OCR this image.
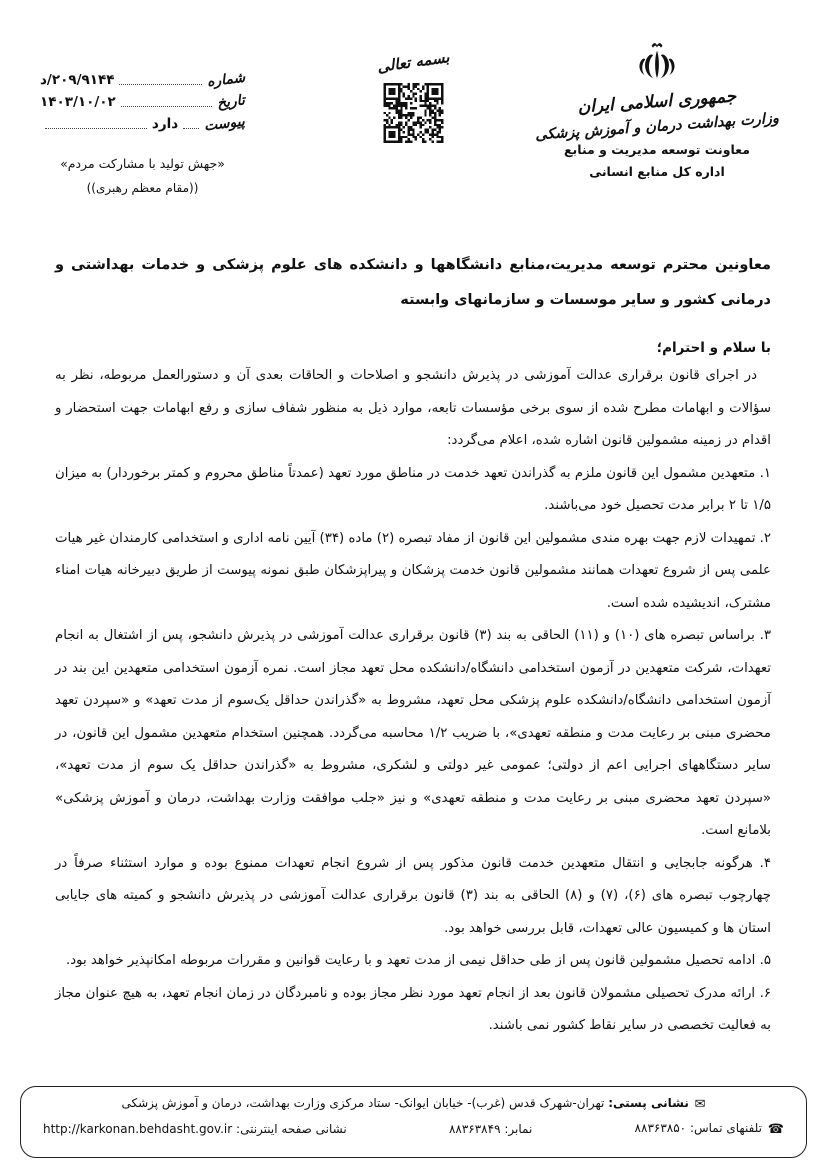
جمهوری اسلامی ایران
وزارت بهداشت درمان و آموزش پزشکی
معاونت توسعه مدیریت و منابع
اداره کل منابع انسانی
بسمه تعالی
شماره
۲۰۹/۹۱۴۴/د
تاریخ
۱۴۰۳/۱۰/۰۲
پیوست
دارد
«جهش تولید با مشارکت مردم»
((مقام معظم رهبری))

معاونین محترم توسعه مدیریت،منابع دانشگاهها و دانشکده های علوم پزشکی و خدمات بهداشتی و درمانی کشور و سایر موسسات و سازمانهای وابسته

با سلام و احترام؛

در اجرای قانون برقراری عدالت آموزشی در پذیرش دانشجو و اصلاحات و الحاقات بعدی آن و دستورالعمل مربوطه، نظر به سؤالات و ابهامات مطرح شده از سوی برخی مؤسسات تابعه، موارد ذیل به منظور شفاف سازی و رفع ابهامات جهت استحضار و اقدام در زمینه مشمولین قانون اشاره شده، اعلام می‌گردد:

۱. متعهدین مشمول این قانون ملزم به گذراندن تعهد خدمت در مناطق مورد تعهد (عمدتاً مناطق محروم و کمتر برخوردار) به میزان ۱/۵ تا ۲ برابر مدت تحصیل خود می‌باشند.

۲. تمهیدات لازم جهت بهره مندی مشمولین این قانون از مفاد تبصره (۲) ماده (۳۴) آیین نامه اداری و استخدامی کارمندان غیر هیات علمی پس از شروع تعهدات همانند مشمولین قانون خدمت پزشکان و پیراپزشکان طبق نمونه پیوست از طریق دبیرخانه هیات امناء مشترک، اندیشیده شده است.

۳. براساس تبصره های (۱۰) و (۱۱) الحاقی به بند (۳) قانون برقراری عدالت آموزشی در پذیرش دانشجو، پس از اشتغال به انجام تعهدات، شرکت متعهدین در آزمون استخدامی دانشگاه/دانشکده محل تعهد مجاز است. نمره آزمون استخدامی متعهدین این بند در آزمون استخدامی دانشگاه/دانشکده علوم پزشکی محل تعهد، مشروط به «گذراندن حداقل یک‌سوم از مدت تعهد» و «سپردن تعهد محضری مبنی بر رعایت مدت و منطقه تعهدی»، با ضریب ۱/۲ محاسبه می‌گردد. همچنین استخدام متعهدین مشمول این قانون، در سایر دستگاههای اجرایی اعم از دولتی؛ عمومی غیر دولتی و لشکری، مشروط به «گذراندن حداقل یک سوم از مدت تعهد»، «سپردن تعهد محضری مبنی بر رعایت مدت و منطقه تعهدی» و نیز «جلب موافقت وزارت بهداشت، درمان و آموزش پزشکی» بلامانع است.

۴. هرگونه جابجایی و انتقال متعهدین خدمت قانون مذکور پس از شروع انجام تعهدات ممنوع بوده و موارد استثناء صرفاً در چهارچوب تبصره های (۶)، (۷) و (۸) الحاقی به بند (۳) قانون برقراری عدالت آموزشی در پذیرش دانشجو و کمیته های جایابی استان ها و کمیسیون عالی تعهدات، قابل بررسی خواهد بود.

۵. ادامه تحصیل مشمولین قانون پس از طی حداقل نیمی از مدت تعهد و با رعایت قوانین و مقررات مربوطه امکانپذیر خواهد بود.

۶. ارائه مدرک تحصیلی مشمولان قانون بعد از انجام تعهد مورد نظر مجاز بوده و نامبردگان در زمان انجام تعهد، به هیچ عنوان مجاز به فعالیت تخصصی در سایر نقاط کشور نمی باشند.

✉ نشانی پستی: تهران-شهرک قدس (غرب)- خیابان ایوانک- ستاد مرکزی وزارت بهداشت، درمان و آموزش پزشکی
☎ تلفنهای تماس: ۸۸۳۶۳۸۵۰
نمابر: ۸۸۳۶۳۸۴۹
نشانی صفحه اینترنتی: http://karkonan.behdasht.gov.ir
